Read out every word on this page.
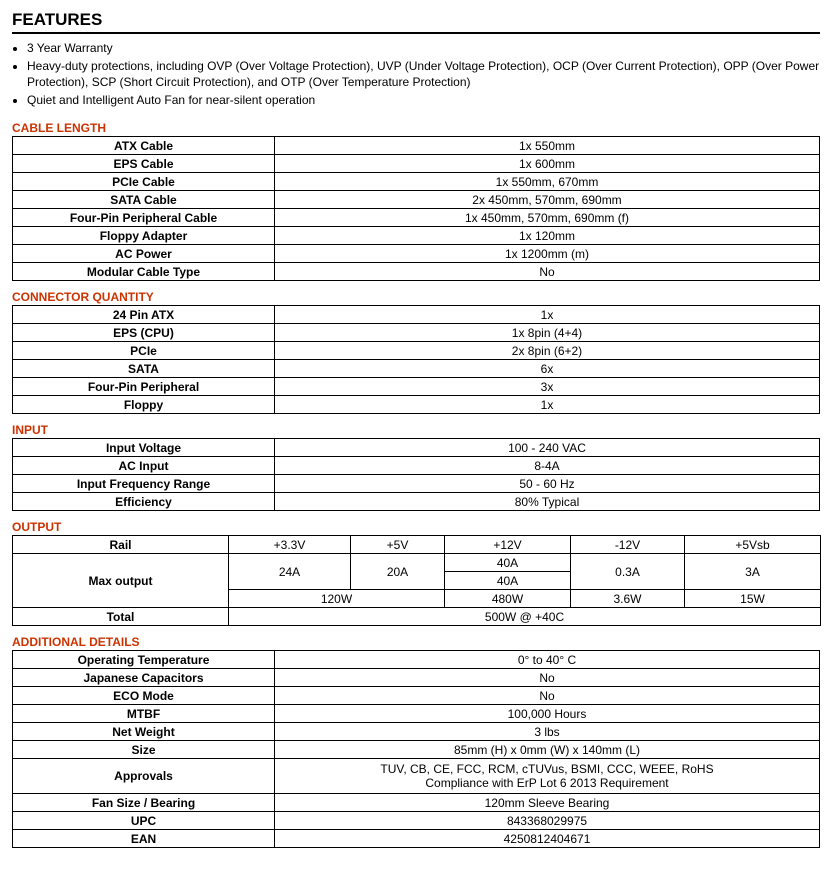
FEATURES
• 3 Year Warranty
• Heavy-duty protections, including OVP (Over Voltage Protection), UVP (Under Voltage Protection), OCP (Over Current Protection), OPP (Over Power Protection), SCP (Short Circuit Protection), and OTP (Over Temperature Protection)
• Quiet and Intelligent Auto Fan for near-silent operation
CABLE LENGTH
ATX Cable	1x 550mm
EPS Cable	1x 600mm
PCIe Cable	1x 550mm, 670mm
SATA Cable	2x 450mm, 570mm, 690mm
Four-Pin Peripheral Cable	1x 450mm, 570mm, 690mm (f)
Floppy Adapter	1x 120mm
AC Power	1x 1200mm (m)
Modular Cable Type	No
CONNECTOR QUANTITY
24 Pin ATX	1x
EPS (CPU)	1x 8pin (4+4)
PCIe	2x 8pin (6+2)
SATA	6x
Four-Pin Peripheral	3x
Floppy	1x
INPUT
Input Voltage	100 - 240 VAC
AC Input	8-4A
Input Frequency Range	50 - 60 Hz
Efficiency	80% Typical
OUTPUT
Rail	+3.3V	+5V	+12V	-12V	+5Vsb
Max output	24A	20A	40A	0.3A	3A
			40A		
	120W		480W	3.6W	15W
Total	500W @ +40C				
ADDITIONAL DETAILS
Operating Temperature	0° to 40° C
Japanese Capacitors	No
ECO Mode	No
MTBF	100,000 Hours
Net Weight	3 lbs
Size	85mm (H) x 0mm (W) x 140mm (L)
Approvals	TUV, CB, CE, FCC, RCM, cTUVus, BSMI, CCC, WEEE, RoHS
Compliance with ErP Lot 6 2013 Requirement

Fan Size / Bearing	120mm Sleeve Bearing
UPC	843368029975
EAN	4250812404671
